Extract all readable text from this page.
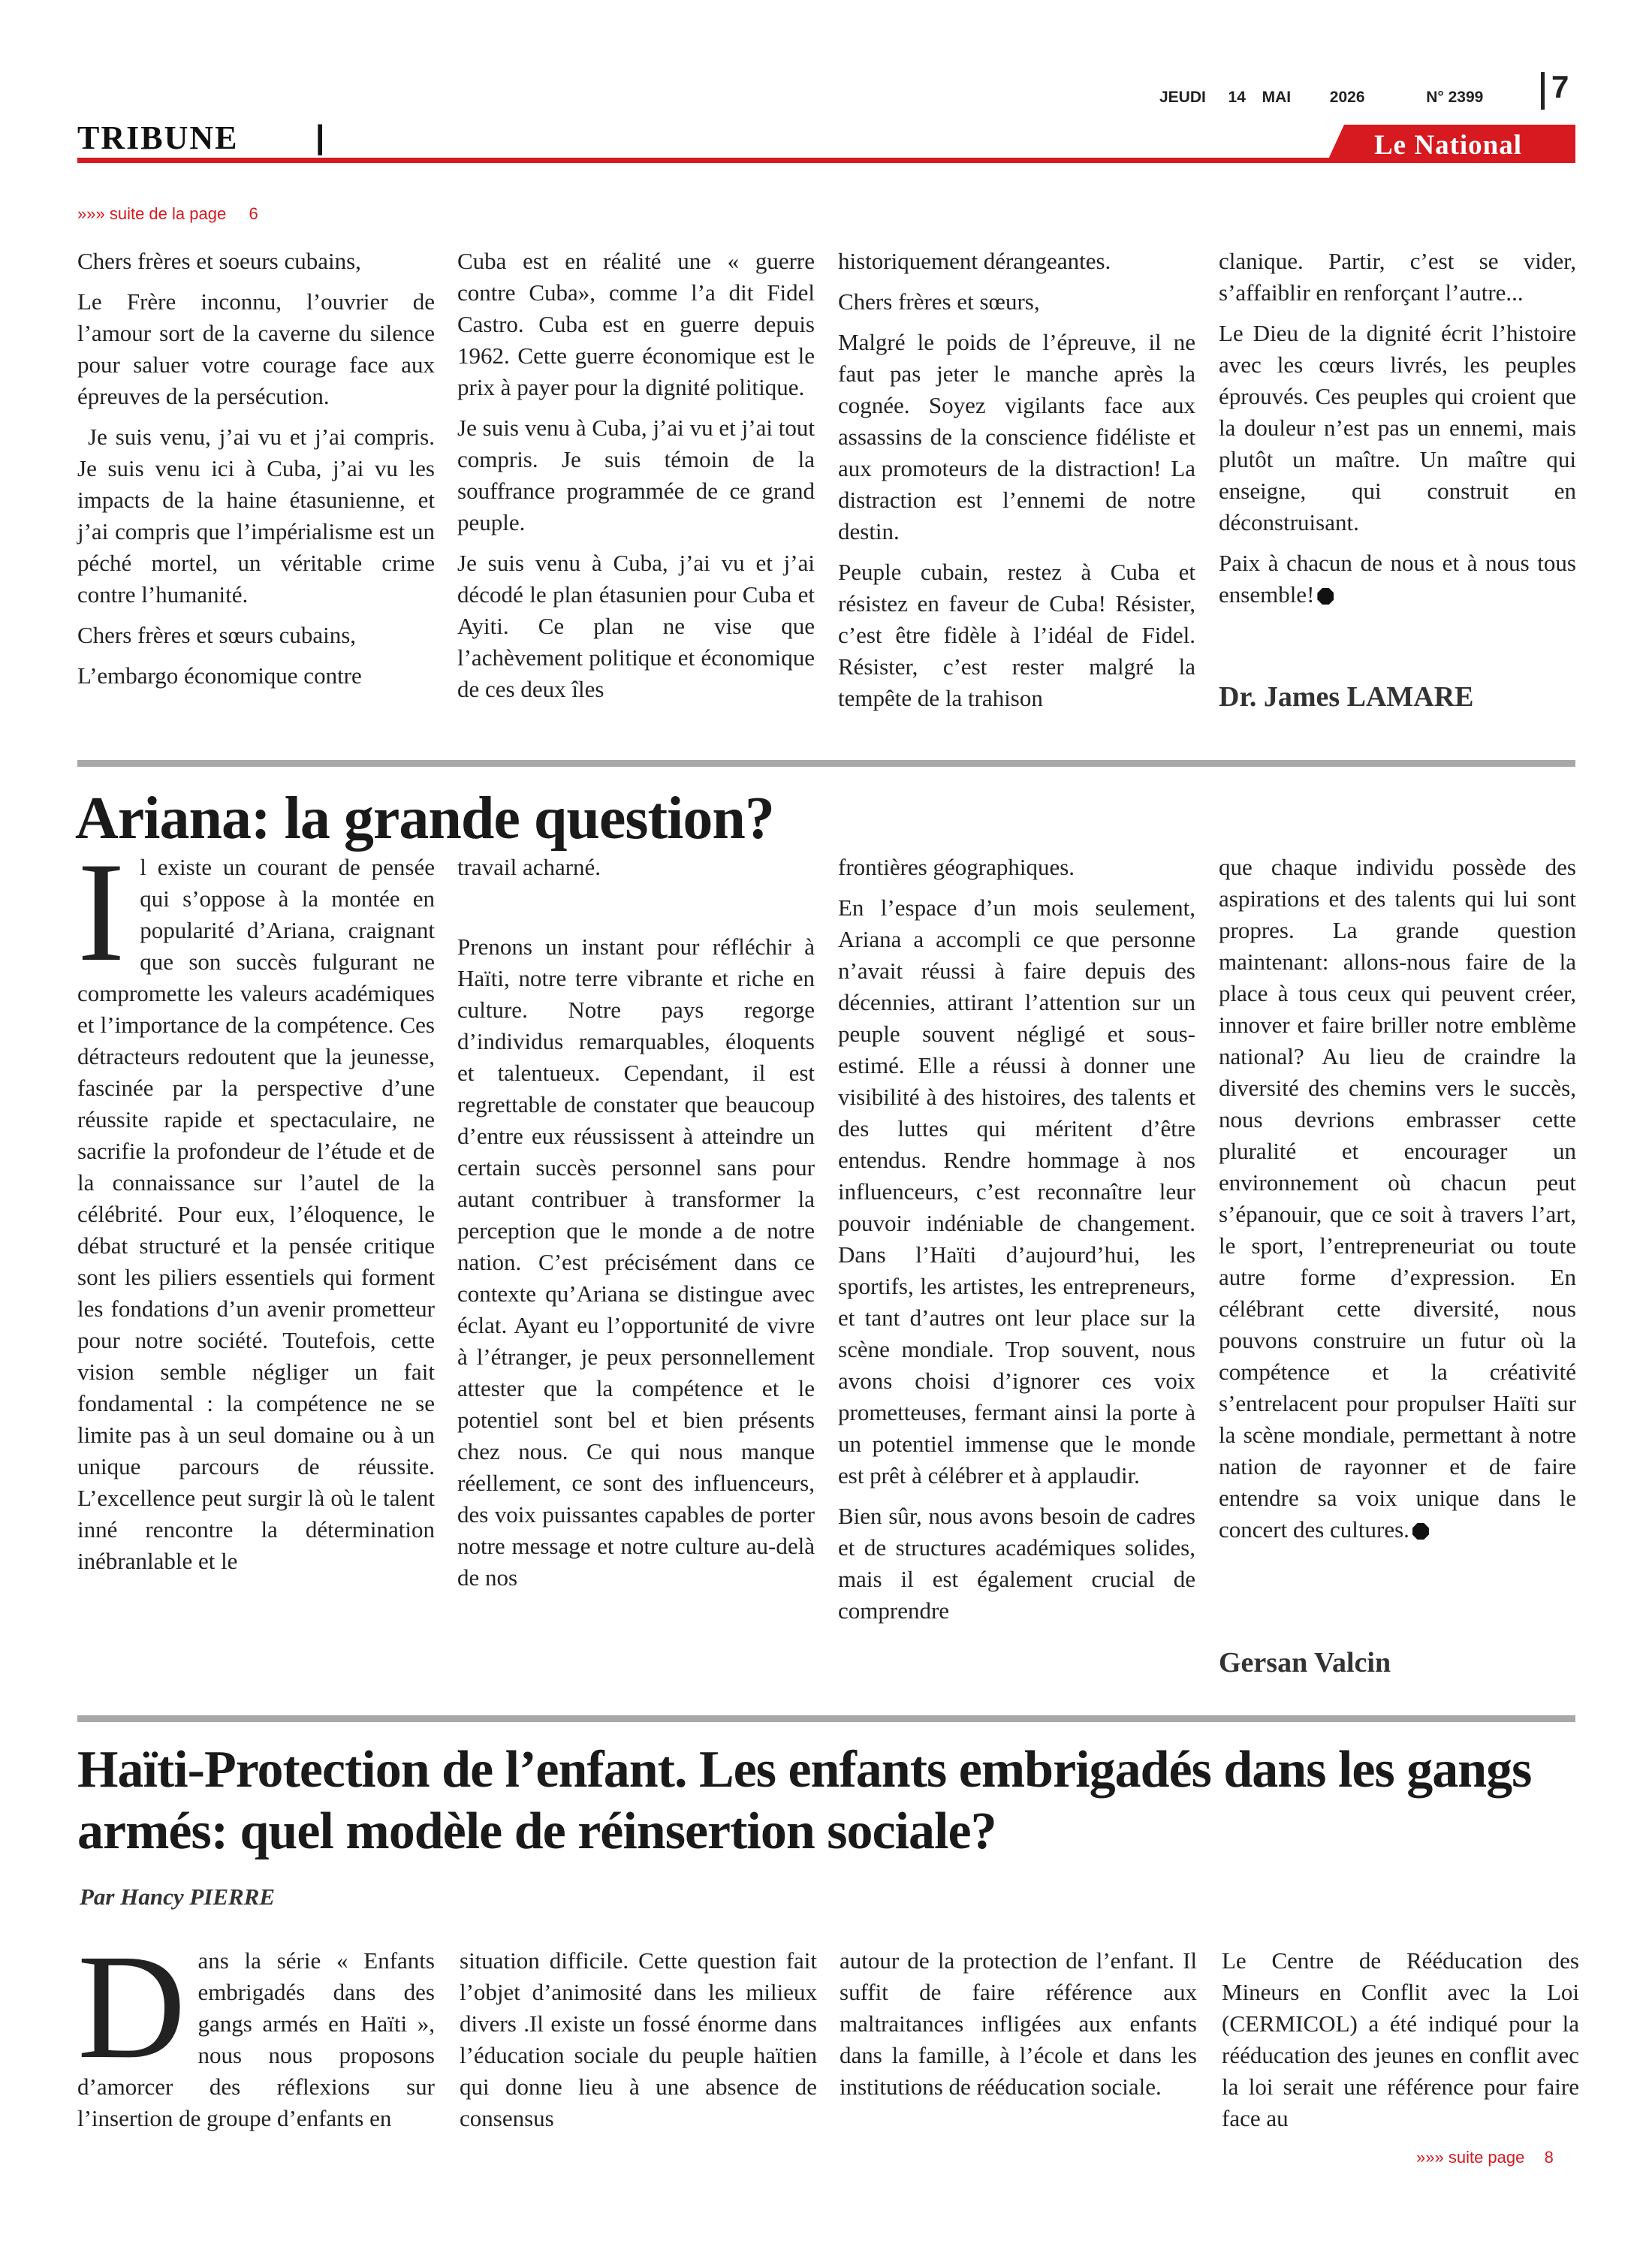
JEUDI 14 MAI 2026	N° 2399 7
TRIBUNE |	Le National
»»» suite de la page 6

Chers frères et soeurs cubains,

Le Frère inconnu, l’ouvrier de l’amour sort de la caverne du silence pour saluer votre courage face aux épreuves de la persécution.

Je suis venu, j’ai vu et j’ai compris. Je suis venu ici à Cuba, j’ai vu les impacts de la haine étasunienne, et j’ai compris que l’impérialisme est un péché mortel, un véritable crime contre l’humanité.

Chers frères et sœurs cubains,

L’embargo économique contre

Cuba est en réalité une « guerre contre Cuba», comme l’a dit Fidel Castro. Cuba est en guerre depuis 1962. Cette guerre économique est le prix à payer pour la dignité politique.

Je suis venu à Cuba, j’ai vu et j’ai tout compris. Je suis témoin de la souffrance programmée de ce grand peuple.

Je suis venu à Cuba, j’ai vu et j’ai décodé le plan étasunien pour Cuba et Ayiti. Ce plan ne vise que l’achèvement politique et économique de ces deux îles

historiquement dérangeantes.

Chers frères et sœurs,

Malgré le poids de l’épreuve, il ne faut pas jeter le manche après la cognée. Soyez vigilants face aux assassins de la conscience fidéliste et aux promoteurs de la distraction! La distraction est l’ennemi de notre destin.

Peuple cubain, restez à Cuba et résistez en faveur de Cuba! Résister, c’est être fidèle à l’idéal de Fidel. Résister, c’est rester malgré la tempête de la trahison

clanique. Partir, c’est se vider, s’affaiblir en renforçant l’autre...

Le Dieu de la dignité écrit l’histoire avec les cœurs livrés, les peuples éprouvés. Ces peuples qui croient que la douleur n’est pas un ennemi, mais plutôt un maître. Un maître qui enseigne, qui construit en déconstruisant.

Paix à chacun de nous et à nous tous ensemble!

Dr. James LAMARE
Ariana: la grande question?
I l existe un courant de pensée qui s’oppose à la montée en popularité d’Ariana, craignant que son succès fulgurant ne compromette les valeurs académiques et l’importance de la compétence. Ces détracteurs redoutent que la jeunesse, fascinée par la perspective d’une réussite rapide et spectaculaire, ne sacrifie la profondeur de l’étude et de la connaissance sur l’autel de la célébrité. Pour eux, l’éloquence, le débat structuré et la pensée critique sont les piliers essentiels qui forment les fondations d’un avenir prometteur pour notre société. Toutefois, cette vision semble négliger un fait fondamental : la compétence ne se limite pas à un seul domaine ou à un unique parcours de réussite. L’excellence peut surgir là où le talent inné rencontre la détermination inébranlable et le

travail acharné.

Prenons un instant pour réfléchir à Haïti, notre terre vibrante et riche en culture. Notre pays regorge d’individus remarquables, éloquents et talentueux. Cependant, il est regrettable de constater que beaucoup d’entre eux réussissent à atteindre un certain succès personnel sans pour autant contribuer à transformer la perception que le monde a de notre nation. C’est précisément dans ce contexte qu’Ariana se distingue avec éclat. Ayant eu l’opportunité de vivre à l’étranger, je peux personnellement attester que la compétence et le potentiel sont bel et bien présents chez nous. Ce qui nous manque réellement, ce sont des influenceurs, des voix puissantes capables de porter notre message et notre culture au-delà de nos

frontières géographiques.

En l’espace d’un mois seulement, Ariana a accompli ce que personne n’avait réussi à faire depuis des décennies, attirant l’attention sur un peuple souvent négligé et sous-estimé. Elle a réussi à donner une visibilité à des histoires, des talents et des luttes qui méritent d’être entendus. Rendre hommage à nos influenceurs, c’est reconnaître leur pouvoir indéniable de changement. Dans l’Haïti d’aujourd’hui, les sportifs, les artistes, les entrepreneurs, et tant d’autres ont leur place sur la scène mondiale. Trop souvent, nous avons choisi d’ignorer ces voix prometteuses, fermant ainsi la porte à un potentiel immense que le monde est prêt à célébrer et à applaudir.

Bien sûr, nous avons besoin de cadres et de structures académiques solides, mais il est également crucial de comprendre

que chaque individu possède des aspirations et des talents qui lui sont propres. La grande question maintenant: allons-nous faire de la place à tous ceux qui peuvent créer, innover et faire briller notre emblème national? Au lieu de craindre la diversité des chemins vers le succès, nous devrions embrasser cette pluralité et encourager un environnement où chacun peut s’épanouir, que ce soit à travers l’art, le sport, l’entrepreneuriat ou toute autre forme d’expression. En célébrant cette diversité, nous pouvons construire un futur où la compétence et la créativité s’entrelacent pour propulser Haïti sur la scène mondiale, permettant à notre nation de rayonner et de faire entendre sa voix unique dans le concert des cultures.

Gersan Valcin
Haïti-Protection de l’enfant. Les enfants embrigadés dans les gangs armés: quel modèle de réinsertion sociale?
Par Hancy PIERRE
D ans la série « Enfants embrigadés dans des gangs armés en Haïti », nous nous proposons d’amorcer des réflexions sur l’insertion de groupe d’enfants en

situation difficile. Cette question fait l’objet d’animosité dans les milieux divers .Il existe un fossé énorme dans l’éducation sociale du peuple haïtien qui donne lieu à une absence de consensus

autour de la protection de l’enfant. Il suffit de faire référence aux maltraitances infligées aux enfants dans la famille, à l’école et dans les institutions de rééducation sociale.

Le Centre de Rééducation des Mineurs en Conflit avec la Loi (CERMICOL) a été indiqué pour la rééducation des jeunes en conflit avec la loi serait une référence pour faire face au

»»» suite page 8
